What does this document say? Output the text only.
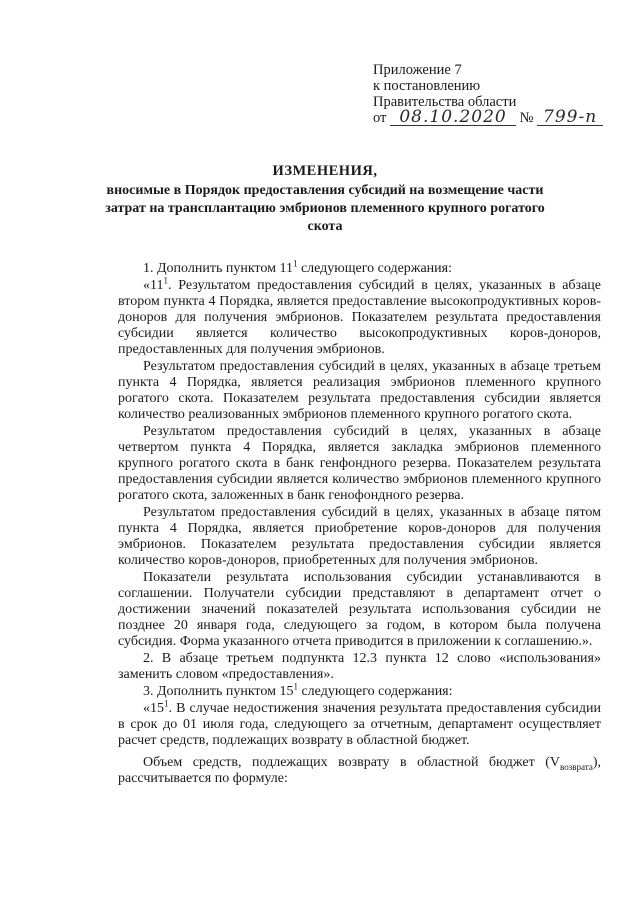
Приложение 7
к постановлению
Правительства области
от 08.10.2020 № 799-п
ИЗМЕНЕНИЯ,
вносимые в Порядок предоставления субсидий на возмещение части затрат на трансплантацию эмбрионов племенного крупного рогатого скота

1. Дополнить пунктом $11^1$ следующего содержания:

«$11^1$. Результатом предоставления субсидий в целях, указанных в абзаце втором пункта 4 Порядка, является предоставление высокопродуктивных коров-доноров для получения эмбрионов. Показателем результата предоставления субсидии является количество высокопродуктивных коров-доноров, предоставленных для получения эмбрионов.

Результатом предоставления субсидий в целях, указанных в абзаце третьем пункта 4 Порядка, является реализация эмбрионов племенного крупного рогатого скота. Показателем результата предоставления субсидии является количество реализованных эмбрионов племенного крупного рогатого скота.

Результатом предоставления субсидий в целях, указанных в абзаце четвертом пункта 4 Порядка, является закладка эмбрионов племенного крупного рогатого скота в банк генфондного резерва. Показателем результата предоставления субсидии является количество эмбрионов племенного крупного рогатого скота, заложенных в банк генофондного резерва.

Результатом предоставления субсидий в целях, указанных в абзаце пятом пункта 4 Порядка, является приобретение коров-доноров для получения эмбрионов. Показателем результата предоставления субсидии является количество коров-доноров, приобретенных для получения эмбрионов.

Показатели результата использования субсидии устанавливаются в соглашении. Получатели субсидии представляют в департамент отчет о достижении значений показателей результата использования субсидии не позднее 20 января года, следующего за годом, в котором была получена субсидия. Форма указанного отчета приводится в приложении к соглашению.».

2. В абзаце третьем подпункта 12.3 пункта 12 слово «использования» заменить словом «предоставления».

3. Дополнить пунктом $15^1$ следующего содержания:

«$15^1$. В случае недостижения значения результата предоставления субсидии в срок до 01 июля года, следующего за отчетным, департамент осуществляет расчет средств, подлежащих возврату в областной бюджет.

Объем средств, подлежащих возврату в областной бюджет $(V_{возврата})$, рассчитывается по формуле:
